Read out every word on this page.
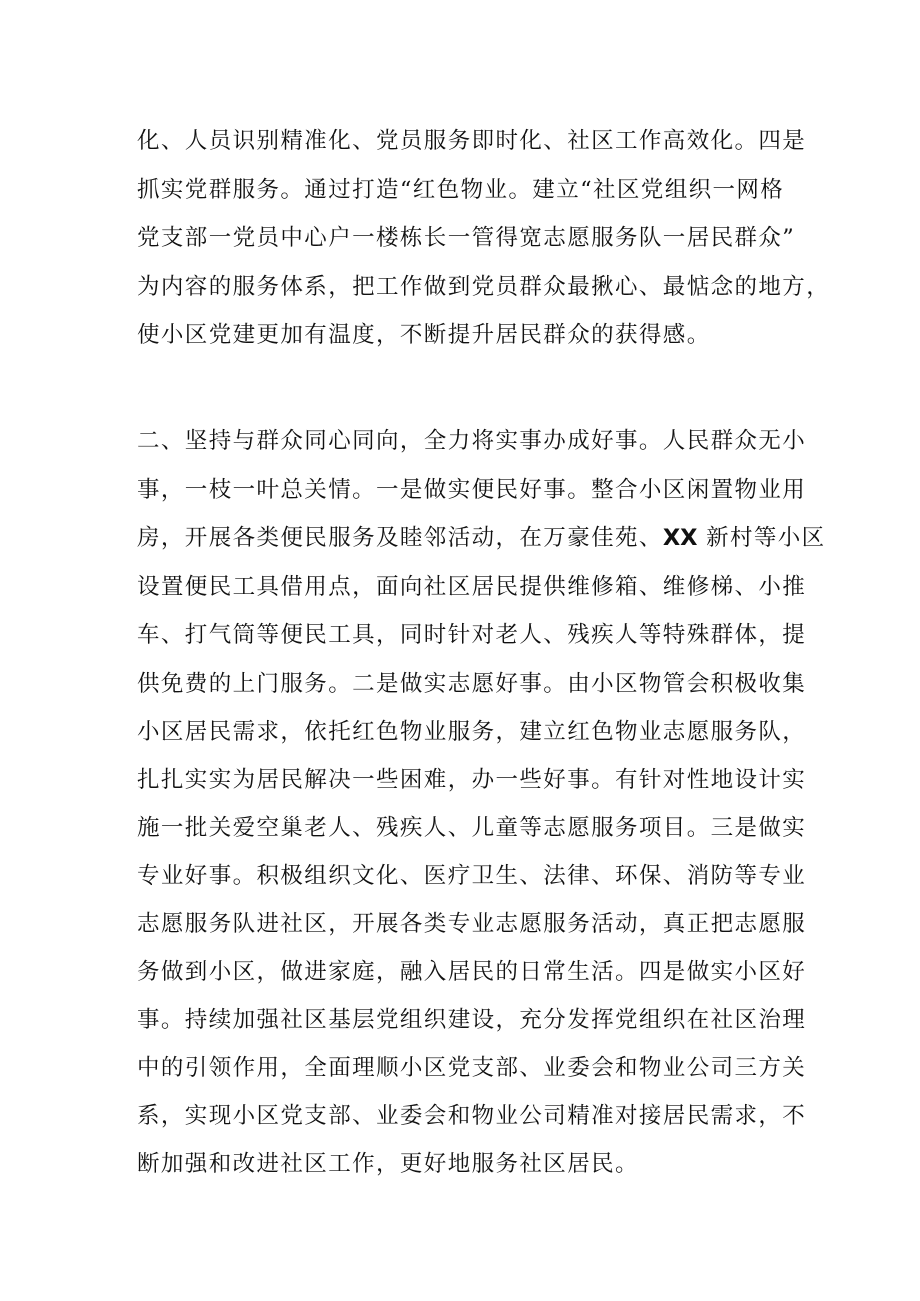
化、人员识别精准化、党员服务即时化、社区工作高效化。四是
抓实党群服务。通过打造“红色物业。建立“社区党组织一网格
党支部一党员中心户一楼栋长一管得宽志愿服务队一居民群众”
为内容的服务体系，把工作做到党员群众最揪心、最惦念的地方，
使小区党建更加有温度，不断提升居民群众的获得感。
二、坚持与群众同心同向，全力将实事办成好事。人民群众无小
事，一枝一叶总关情。一是做实便民好事。整合小区闲置物业用
房，开展各类便民服务及睦邻活动，在万豪佳苑、XX 新村等小区
设置便民工具借用点，面向社区居民提供维修箱、维修梯、小推
车、打气筒等便民工具，同时针对老人、残疾人等特殊群体，提
供免费的上门服务。二是做实志愿好事。由小区物管会积极收集
小区居民需求，依托红色物业服务，建立红色物业志愿服务队，
扎扎实实为居民解决一些困难，办一些好事。有针对性地设计实
施一批关爱空巢老人、残疾人、儿童等志愿服务项目。三是做实
专业好事。积极组织文化、医疗卫生、法律、环保、消防等专业
志愿服务队进社区，开展各类专业志愿服务活动，真正把志愿服
务做到小区，做进家庭，融入居民的日常生活。四是做实小区好
事。持续加强社区基层党组织建设，充分发挥党组织在社区治理
中的引领作用，全面理顺小区党支部、业委会和物业公司三方关
系，实现小区党支部、业委会和物业公司精准对接居民需求，不
断加强和改进社区工作，更好地服务社区居民。
